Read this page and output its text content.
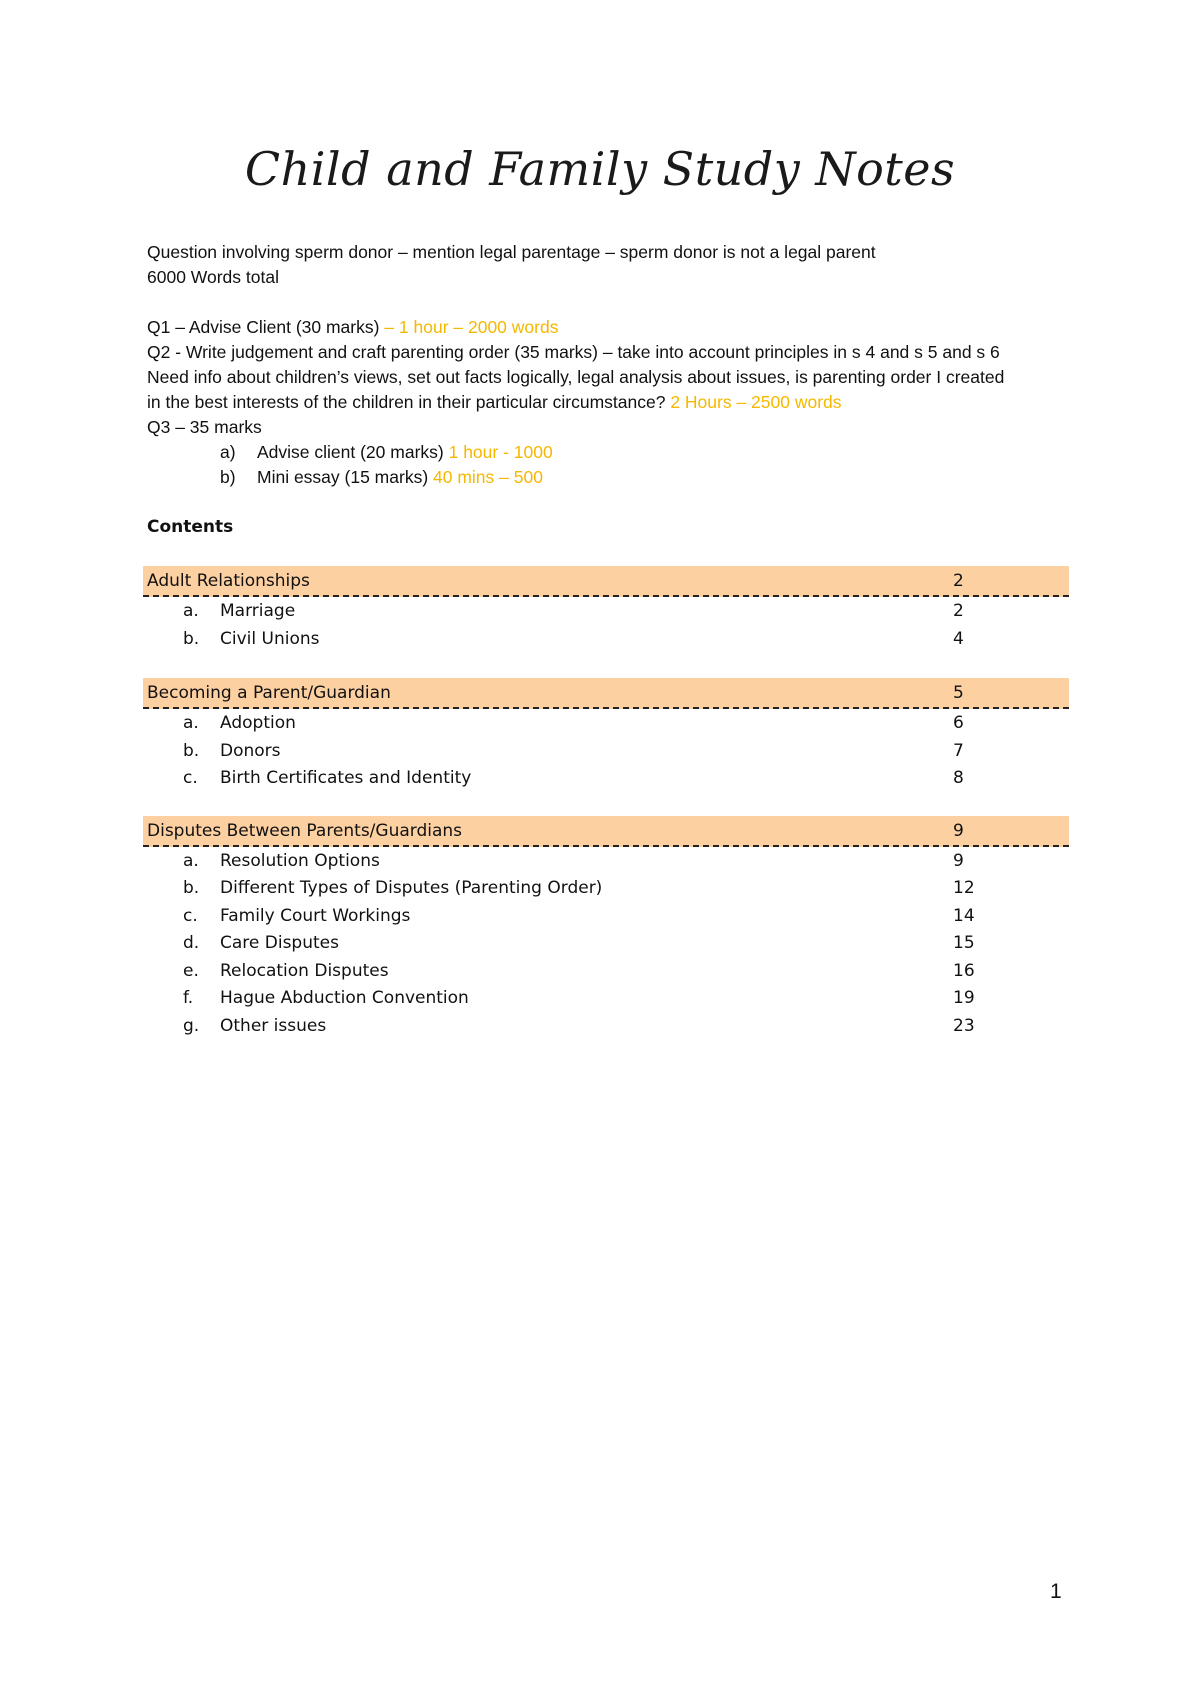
Child and Family Study Notes
Question involving sperm donor – mention legal parentage – sperm donor is not a legal parent
6000 Words total
Q1 – Advise Client (30 marks) – 1 hour – 2000 words
Q2 - Write judgement and craft parenting order (35 marks) – take into account principles in s 4 and s 5 and s 6
Need info about children’s views, set out facts logically, legal analysis about issues, is parenting order I created
in the best interests of the children in their particular circumstance? 2 Hours – 2500 words
Q3 – 35 marks
a)	Advise client (20 marks) 1 hour - 1000
b)	Mini essay (15 marks) 40 mins – 500
Contents
Adult Relationships	2
a. Marriage	2
b. Civil Unions	4
Becoming a Parent/Guardian	5
a. Adoption	6
b. Donors	7
c. Birth Certificates and Identity	8
Disputes Between Parents/Guardians	9
a. Resolution Options	9
b. Different Types of Disputes (Parenting Order)	12
c. Family Court Workings	14
d. Care Disputes	15
e. Relocation Disputes	16
f. Hague Abduction Convention	19
g. Other issues	23
1
